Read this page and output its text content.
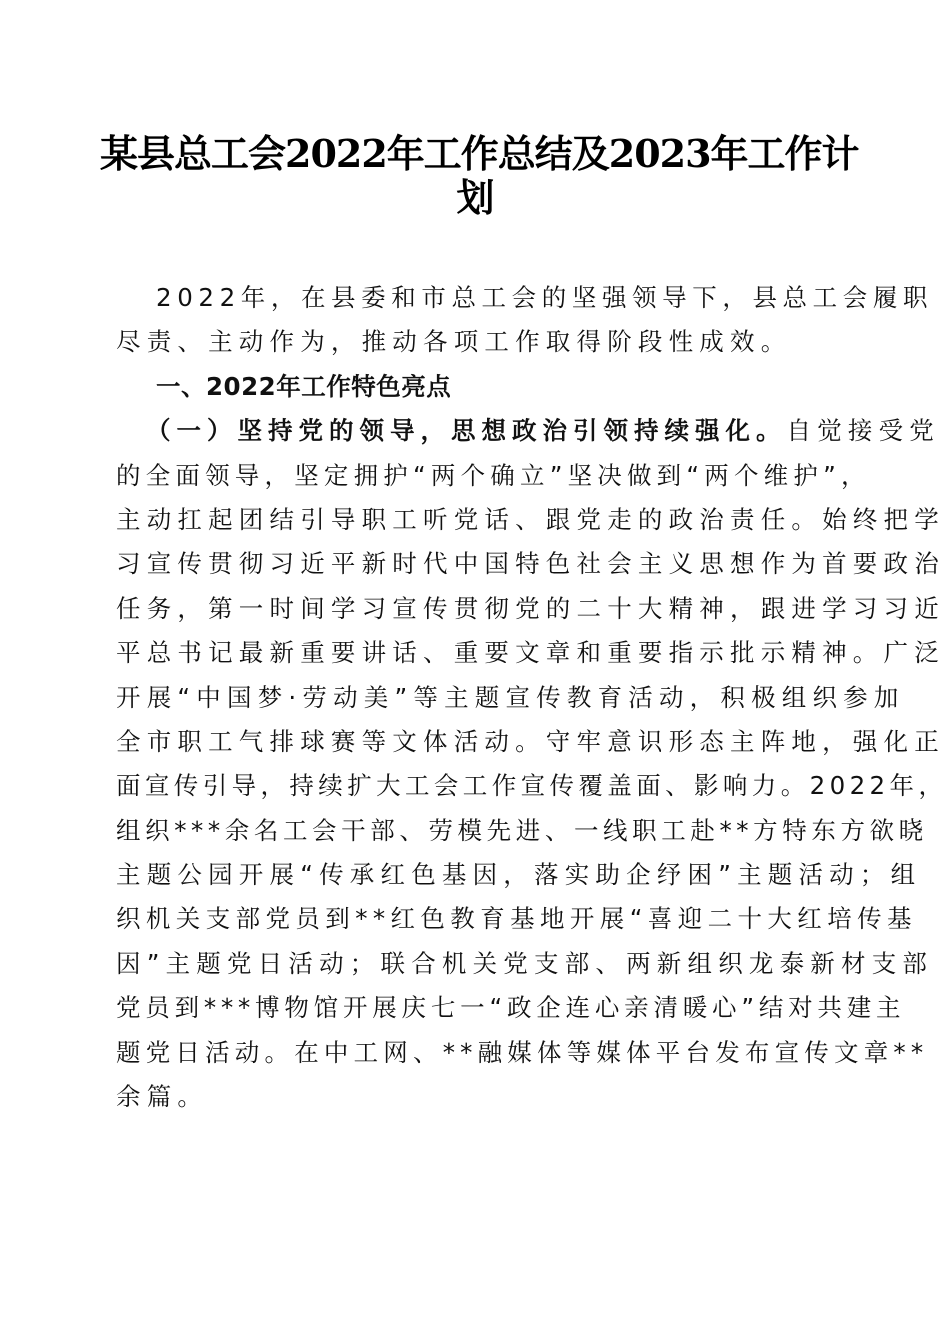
某县总工会2022年工作总结及2023年工作计
划
2022年，在县委和市总工会的坚强领导下，县总工会履职
尽责、主动作为，推动各项工作取得阶段性成效。
一、2022年工作特色亮点
（一）坚持党的领导，思想政治引领持续强化。自觉接受党
的全面领导，坚定拥护“两个确立”坚决做到“两个维护”，
主动扛起团结引导职工听党话、跟党走的政治责任。始终把学
习宣传贯彻习近平新时代中国特色社会主义思想作为首要政治
任务，第一时间学习宣传贯彻党的二十大精神，跟进学习习近
平总书记最新重要讲话、重要文章和重要指示批示精神。广泛
开展“中国梦·劳动美”等主题宣传教育活动，积极组织参加
全市职工气排球赛等文体活动。守牢意识形态主阵地，强化正
面宣传引导，持续扩大工会工作宣传覆盖面、影响力。2022年，
组织***余名工会干部、劳模先进、一线职工赴**方特东方欲晓
主题公园开展“传承红色基因，落实助企纾困”主题活动；组
织机关支部党员到**红色教育基地开展“喜迎二十大红培传基
因”主题党日活动；联合机关党支部、两新组织龙泰新材支部
党员到***博物馆开展庆七一“政企连心亲清暖心”结对共建主
题党日活动。在中工网、**融媒体等媒体平台发布宣传文章**
余篇。
